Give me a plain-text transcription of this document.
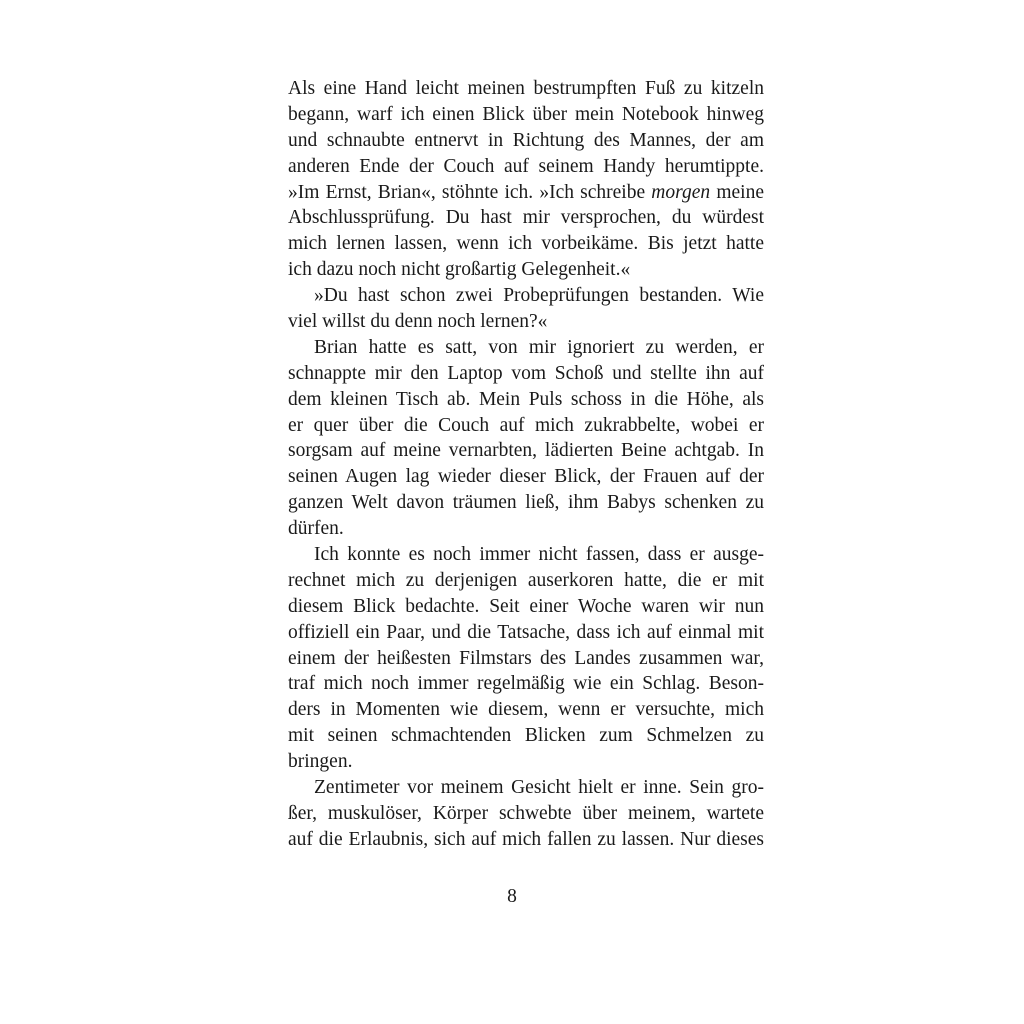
Als eine Hand leicht meinen bestrumpften Fuß zu kitzeln
begann, warf ich einen Blick über mein Notebook hinweg
und schnaubte entnervt in Richtung des Mannes, der am
anderen Ende der Couch auf seinem Handy herumtippte.
»Im Ernst, Brian«, stöhnte ich. »Ich schreibe morgen meine
Abschlussprüfung. Du hast mir versprochen, du würdest
mich lernen lassen, wenn ich vorbeikäme. Bis jetzt hatte
ich dazu noch nicht großartig Gelegenheit.«
»Du hast schon zwei Probeprüfungen bestanden. Wie
viel willst du denn noch lernen?«
Brian hatte es satt, von mir ignoriert zu werden, er
schnappte mir den Laptop vom Schoß und stellte ihn auf
dem kleinen Tisch ab. Mein Puls schoss in die Höhe, als
er quer über die Couch auf mich zukrabbelte, wobei er
sorgsam auf meine vernarbten, lädierten Beine achtgab. In
seinen Augen lag wieder dieser Blick, der Frauen auf der
ganzen Welt davon träumen ließ, ihm Babys schenken zu
dürfen.
Ich konnte es noch immer nicht fassen, dass er ausge-
rechnet mich zu derjenigen auserkoren hatte, die er mit
diesem Blick bedachte. Seit einer Woche waren wir nun
offiziell ein Paar, und die Tatsache, dass ich auf einmal mit
einem der heißesten Filmstars des Landes zusammen war,
traf mich noch immer regelmäßig wie ein Schlag. Beson-
ders in Momenten wie diesem, wenn er versuchte, mich
mit seinen schmachtenden Blicken zum Schmelzen zu
bringen.
Zentimeter vor meinem Gesicht hielt er inne. Sein gro-
ßer, muskulöser, Körper schwebte über meinem, wartete
auf die Erlaubnis, sich auf mich fallen zu lassen. Nur dieses
8
